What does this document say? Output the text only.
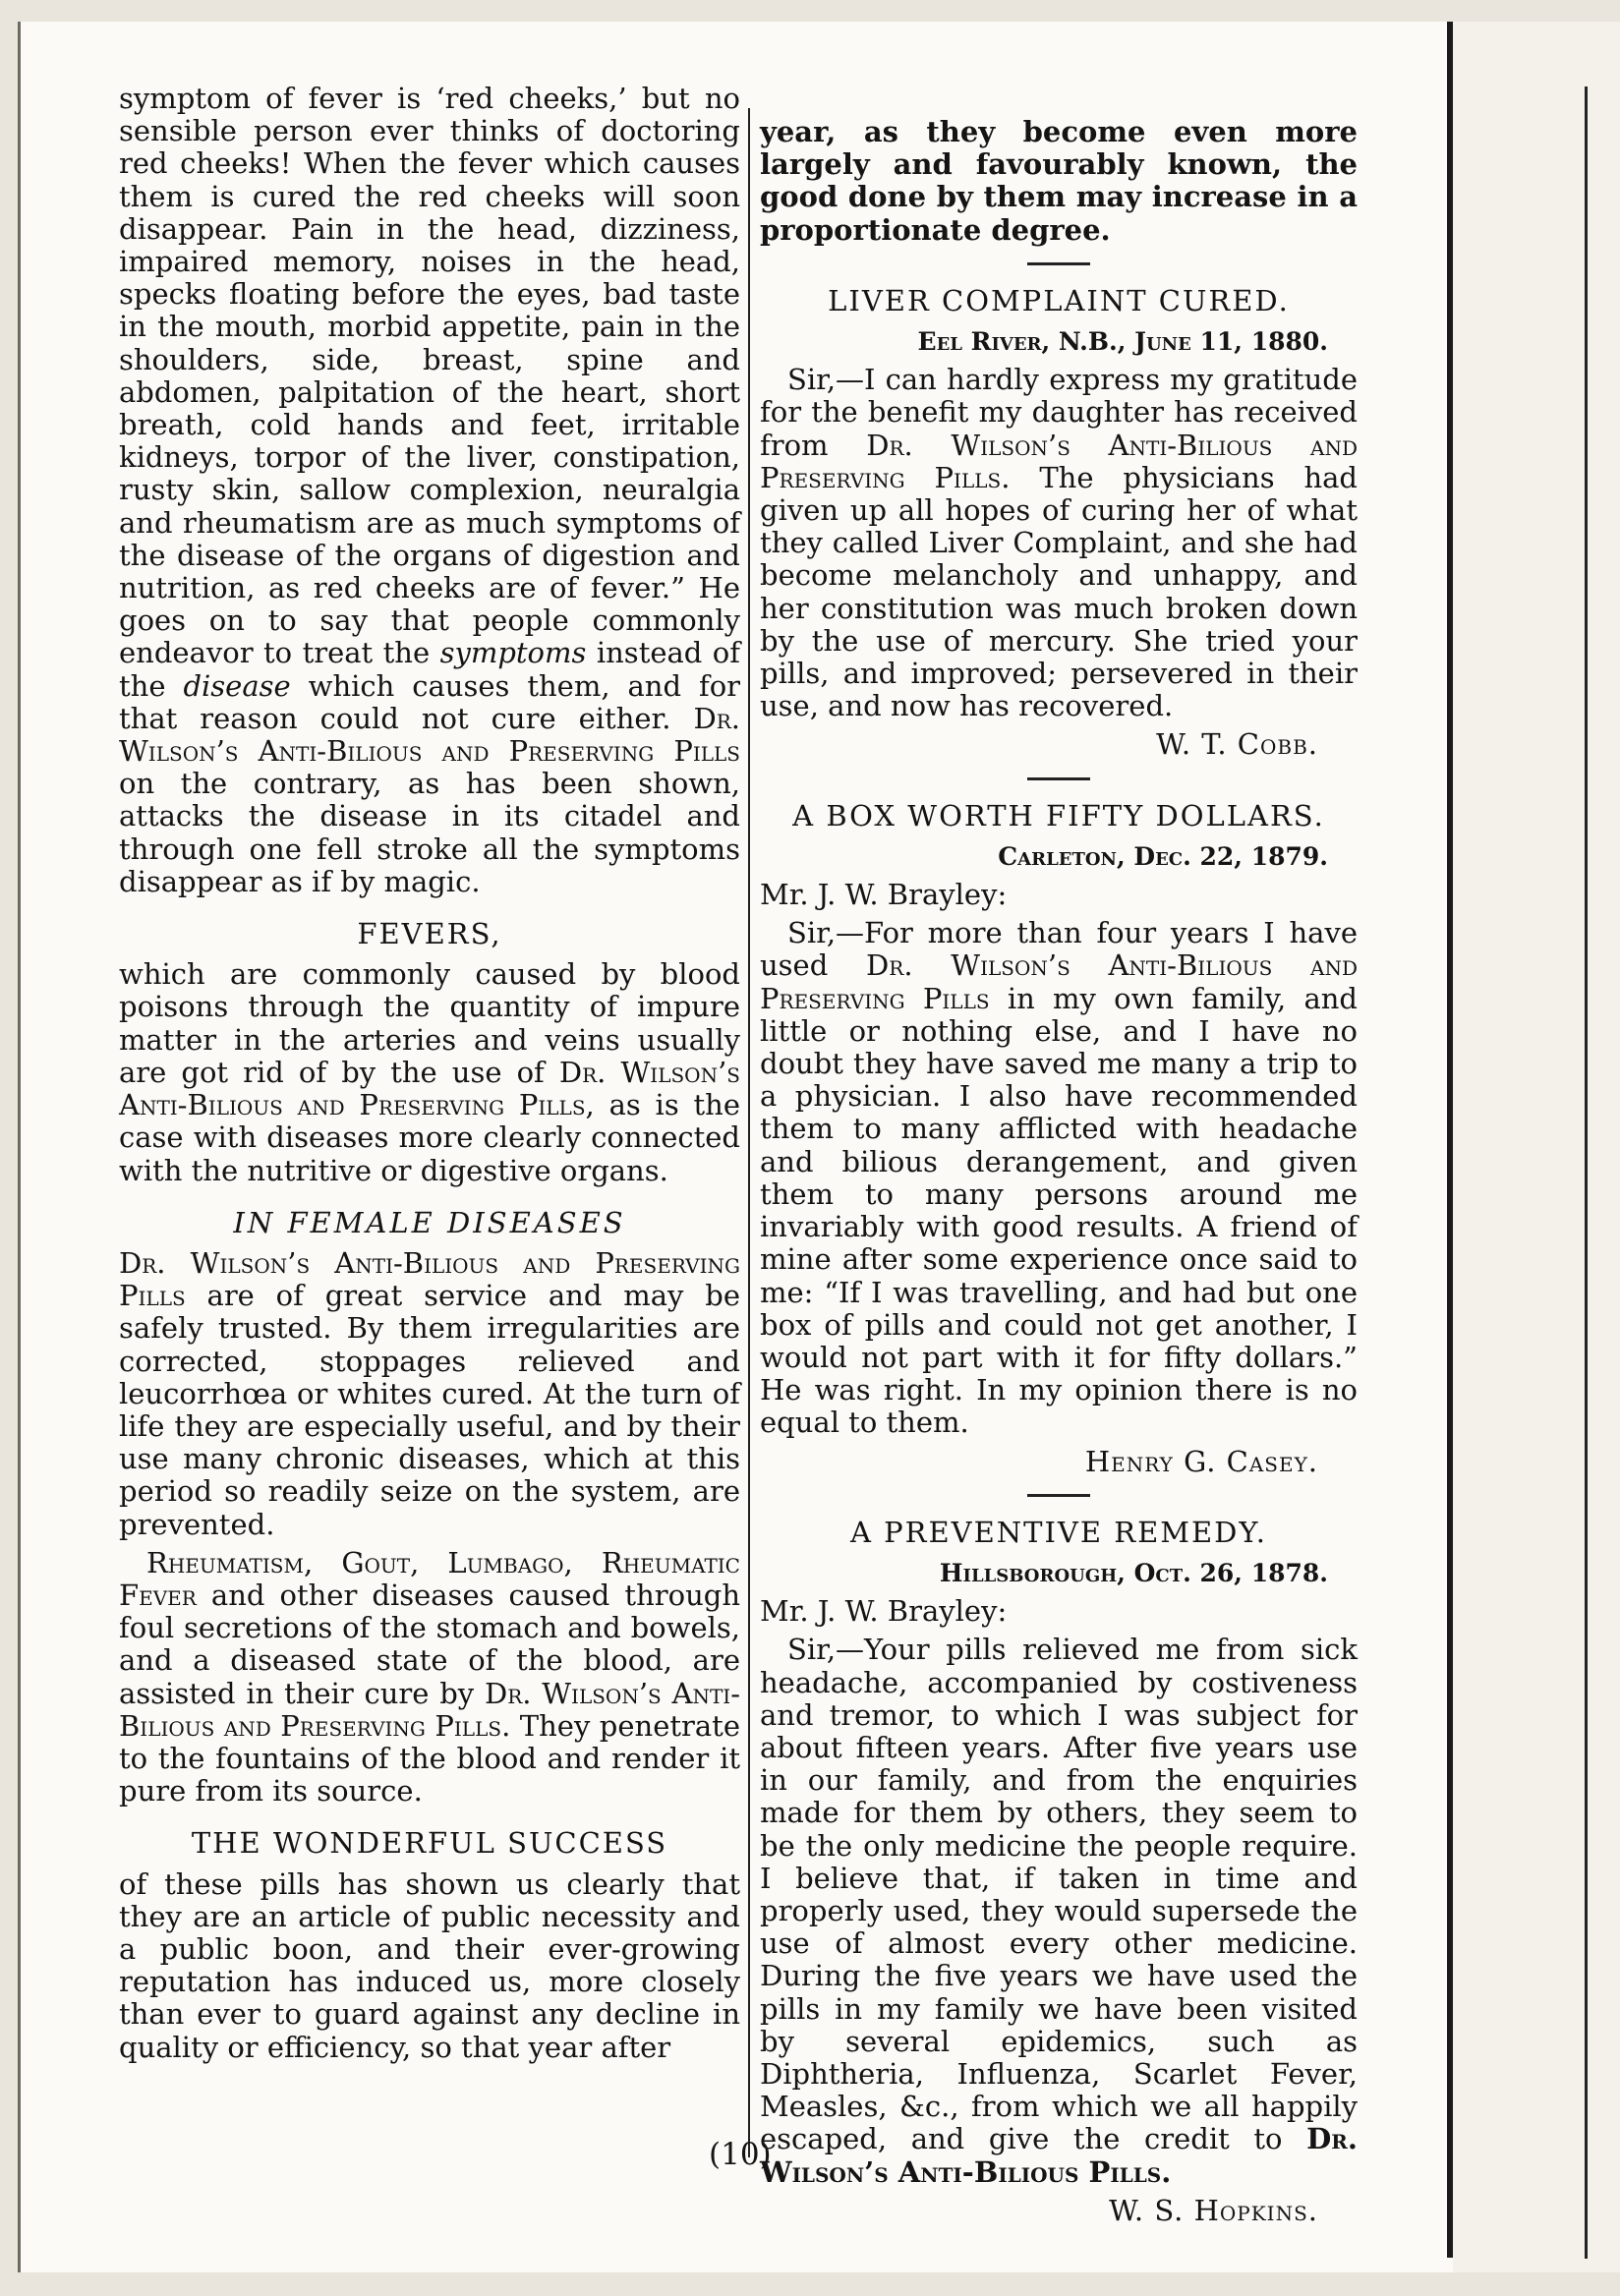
symptom of fever is ‘red cheeks,’ but no sensible person ever thinks of doctoring red cheeks! When the fever which causes them is cured the red cheeks will soon disappear. Pain in the head, dizziness, impaired memory, noises in the head, specks floating before the eyes, bad taste in the mouth, morbid appetite, pain in the shoulders, side, breast, spine and abdomen, palpitation of the heart, short breath, cold hands and feet, irritable kidneys, torpor of the liver, constipation, rusty skin, sallow complexion, neuralgia and rheumatism are as much symptoms of the disease of the organs of digestion and nutrition, as red cheeks are of fever.” He goes on to say that people commonly endeavor to treat the symptoms instead of the disease which causes them, and for that reason could not cure either. Dr. Wilson’s Anti-Bilious and Preserving Pills on the contrary, as has been shown, attacks the disease in its citadel and through one fell stroke all the symptoms disappear as if by magic.

FEVERS,

which are commonly caused by blood poisons through the quantity of impure matter in the arteries and veins usually are got rid of by the use of Dr. Wilson’s Anti-Bilious and Preserving Pills, as is the case with diseases more clearly connected with the nutritive or digestive organs.

IN FEMALE DISEASES

Dr. Wilson’s Anti-Bilious and Preserving Pills are of great service and may be safely trusted. By them irregularities are corrected, stoppages relieved and leucorrhœa or whites cured. At the turn of life they are especially useful, and by their use many chronic diseases, which at this period so readily seize on the system, are prevented.

Rheumatism, Gout, Lumbago, Rheumatic Fever and other diseases caused through foul secretions of the stomach and bowels, and a diseased state of the blood, are assisted in their cure by Dr. Wilson’s Anti-Bilious and Preserving Pills. They penetrate to the fountains of the blood and render it pure from its source.

THE WONDERFUL SUCCESS

of these pills has shown us clearly that they are an article of public necessity and a public boon, and their ever-growing reputation has induced us, more closely than ever to guard against any decline in quality or efficiency, so that year after

year, as they become even more largely and favourably known, the good done by them may increase in a proportionate degree.

LIVER COMPLAINT CURED.
Eel River, N.B., June 11, 1880.

Sir,—I can hardly express my gratitude for the benefit my daughter has received from Dr. Wilson’s Anti-Bilious and Preserving Pills. The physicians had given up all hopes of curing her of what they called Liver Complaint, and she had become melancholy and unhappy, and her constitution was much broken down by the use of mercury. She tried your pills, and improved; persevered in their use, and now has recovered.

W. T. Cobb.
A BOX WORTH FIFTY DOLLARS.
Carleton, Dec. 22, 1879.
Mr. J. W. Brayley:

Sir,—For more than four years I have used Dr. Wilson’s Anti-Bilious and Preserving Pills in my own family, and little or nothing else, and I have no doubt they have saved me many a trip to a physician. I also have recommended them to many afflicted with headache and bilious derangement, and given them to many persons around me invariably with good results. A friend of mine after some experience once said to me: “If I was travelling, and had but one box of pills and could not get another, I would not part with it for fifty dollars.” He was right. In my opinion there is no equal to them.

Henry G. Casey.
A PREVENTIVE REMEDY.
Hillsborough, Oct. 26, 1878.
Mr. J. W. Brayley:

Sir,—Your pills relieved me from sick headache, accompanied by costiveness and tremor, to which I was subject for about fifteen years. After five years use in our family, and from the enquiries made for them by others, they seem to be the only medicine the people require. I believe that, if taken in time and properly used, they would supersede the use of almost every other medicine. During the five years we have used the pills in my family we have been visited by several epidemics, such as Diphtheria, Influenza, Scarlet Fever, Measles, &c., from which we all happily escaped, and give the credit to Dr. Wilson’s Anti-Bilious Pills.

W. S. Hopkins.
(10)
